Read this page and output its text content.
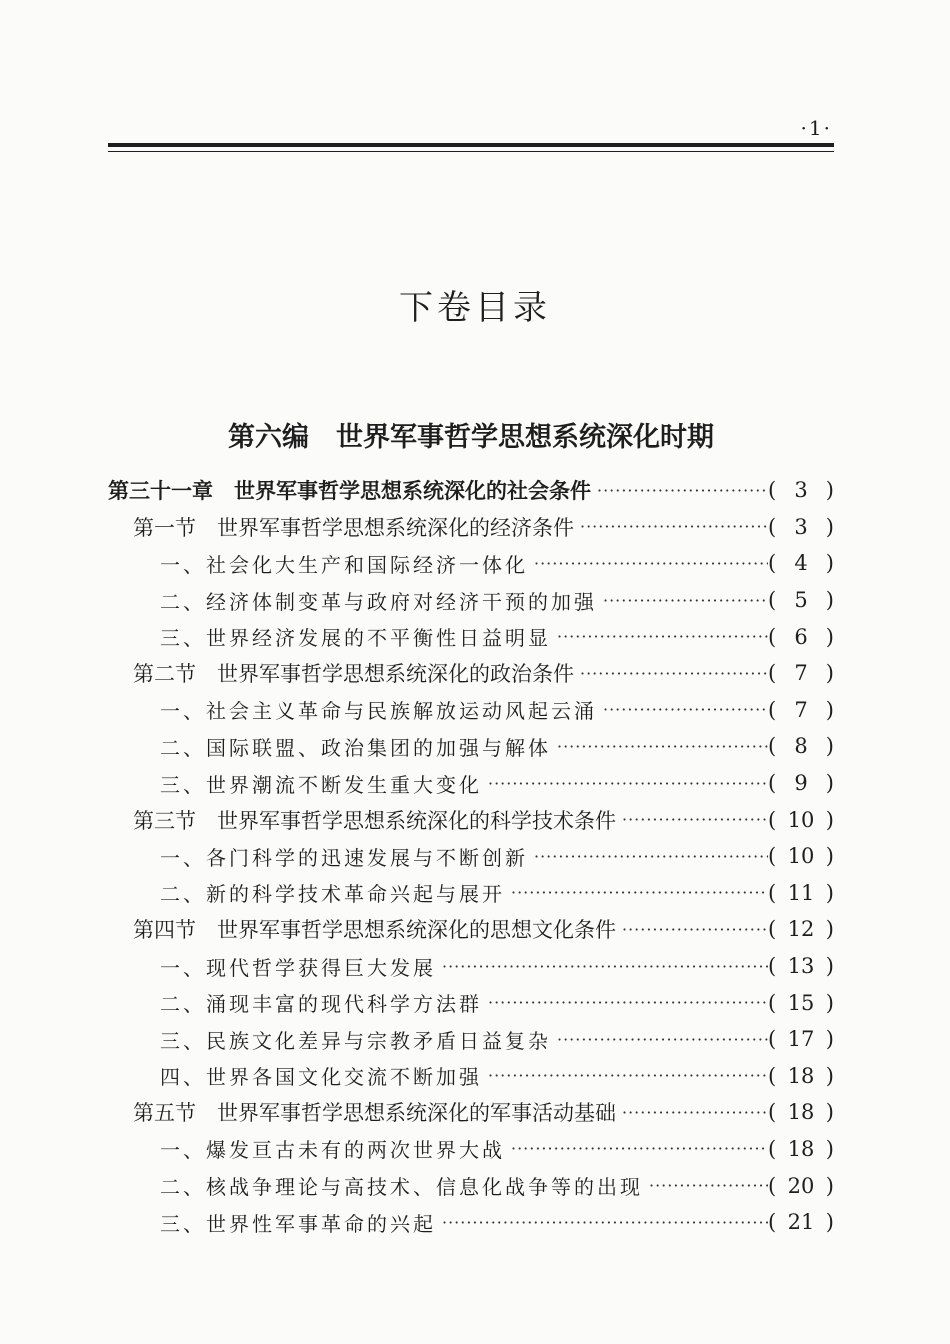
·1·
下卷目录
第六编　世界军事哲学思想系统深化时期
第三十一章　世界军事哲学思想系统深化的社会条件 ·····	( 3 )
第一节　世界军事哲学思想系统深化的经济条件 ·····	( 3 )
一、社会化大生产和国际经济一体化 ·····	( 4 )
二、经济体制变革与政府对经济干预的加强 ·····	( 5 )
三、世界经济发展的不平衡性日益明显 ·····	( 6 )
第二节　世界军事哲学思想系统深化的政治条件 ·····	( 7 )
一、社会主义革命与民族解放运动风起云涌 ·····	( 7 )
二、国际联盟、政治集团的加强与解体 ·····	( 8 )
三、世界潮流不断发生重大变化 ·····	( 9 )
第三节　世界军事哲学思想系统深化的科学技术条件 ·····	( 10 )
一、各门科学的迅速发展与不断创新 ·····	( 10 )
二、新的科学技术革命兴起与展开 ·····	( 11 )
第四节　世界军事哲学思想系统深化的思想文化条件 ·····	( 12 )
一、现代哲学获得巨大发展 ·····	( 13 )
二、涌现丰富的现代科学方法群 ·····	( 15 )
三、民族文化差异与宗教矛盾日益复杂 ·····	( 17 )
四、世界各国文化交流不断加强 ·····	( 18 )
第五节　世界军事哲学思想系统深化的军事活动基础 ·····	( 18 )
一、爆发亘古未有的两次世界大战 ·····	( 18 )
二、核战争理论与高技术、信息化战争等的出现 ·····	( 20 )
三、世界性军事革命的兴起 ·····	( 21 )
